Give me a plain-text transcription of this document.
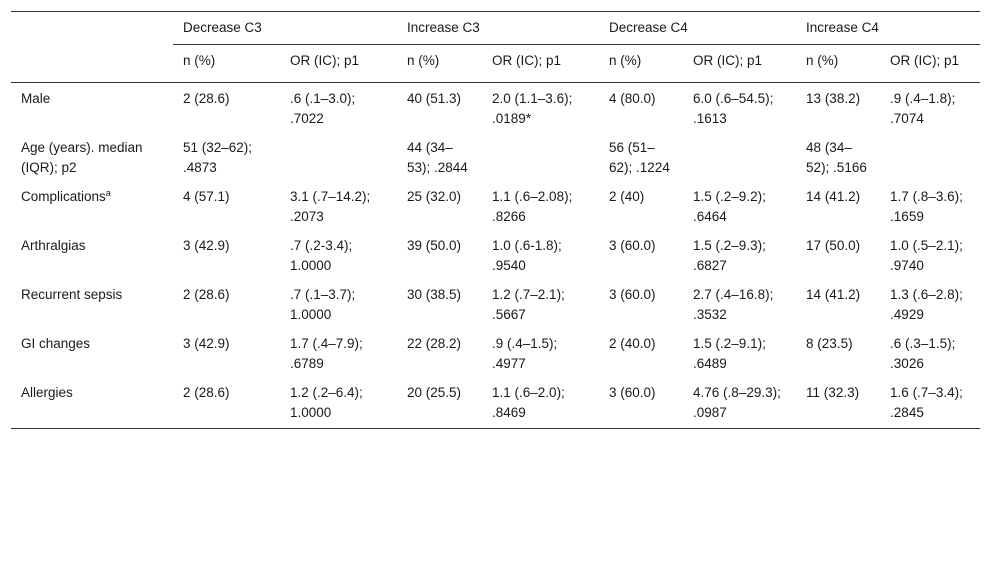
	Decrease C3		Increase C3		Decrease C4		Increase C4	
	n (%)	OR (IC); p1	n (%)	OR (IC); p1	n (%)	OR (IC); p1	n (%)	OR (IC); p1
Male	2 (28.6)	.6 (.1–3.0); .7022	40 (51.3)	2.0 (1.1–3.6); .0189*	4 (80.0)	6.0 (.6–54.5); .1613	13 (38.2)	.9 (.4–1.8); .7074
Age (years). median (IQR); p2	51 (32–62); .4873		44 (34–53); .2844		56 (51–62); .1224		48 (34–52); .5166	
Complications$^a$	4 (57.1)	3.1 (.7–14.2); .2073	25 (32.0)	1.1 (.6–2.08); .8266	2 (40)	1.5 (.2–9.2); .6464	14 (41.2)	1.7 (.8–3.6); .1659
Arthralgias	3 (42.9)	.7 (.2-3.4); 1.0000	39 (50.0)	1.0 (.6-1.8); .9540	3 (60.0)	1.5 (.2–9.3); .6827	17 (50.0)	1.0 (.5–2.1); .9740
Recurrent sepsis	2 (28.6)	.7 (.1–3.7); 1.0000	30 (38.5)	1.2 (.7–2.1); .5667	3 (60.0)	2.7 (.4–16.8); .3532	14 (41.2)	1.3 (.6–2.8); .4929
GI changes	3 (42.9)	1.7 (.4–7.9); .6789	22 (28.2)	.9 (.4–1.5); .4977	2 (40.0)	1.5 (.2–9.1); .6489	8 (23.5)	.6 (.3–1.5); .3026
Allergies	2 (28.6)	1.2 (.2–6.4); 1.0000	20 (25.5)	1.1 (.6–2.0); .8469	3 (60.0)	4.76 (.8–29.3); .0987	11 (32.3)	1.6 (.7–3.4); .2845
